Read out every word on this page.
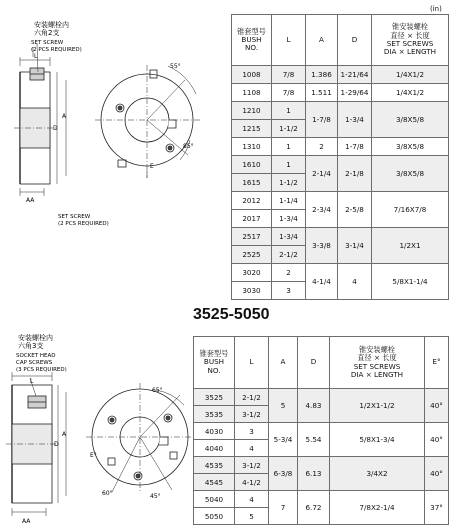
(in)
3525-5050
安装螺栓内
六角2支
SET SCREW
(2 PCS REQUIRED)
L
D
A
AA
SET SCREW
(2 PCS REQUIRED)
55°
85°
E
安装螺栓内
六角3支
SOCKET HEAD
CAP SCREWS
(3 PCS REQUIRED)
L
D
A
AA
65°
60°	45°
E°
锥套型号
BUSH
NO.	L	A	D	锥安装螺栓
直径 × 长度
SET SCREWS
DIA × LENGTH

1008	7/8	1.386	1-21/64	1/4X1/2
1108	7/8	1.511	1-29/64	1/4X1/2
1210	1	1-7/8	1-3/4	3/8X5/8
1215	1-1/2			
1310	1	2	1-7/8	3/8X5/8
1610	1	2-1/4	2-1/8	3/8X5/8
1615	1-1/2			
2012	1-1/4	2-3/4	2-5/8	7/16X7/8
2017	1-3/4			
2517	1-3/4	3-3/8	3-1/4	1/2X1
2525	2-1/2			
3020	2	4-1/4	4	5/8X1-1/4
3030	3			
锥套型号
BUSH
NO.	L	A	D	锥安装螺栓
直径 × 长度
SET SCREWS
DIA × LENGTH	E°
3525	2-1/2	5	4.83	1/2X1-1/2	40°
3535	3-1/2				
4030	3	5-3/4	5.54	5/8X1-3/4	40°
4040	4				
4535	3-1/2	6-3/8	6.13	3/4X2	40°
4545	4-1/2				
5040	4	7	6.72	7/8X2-1/4	37°
5050	5				
